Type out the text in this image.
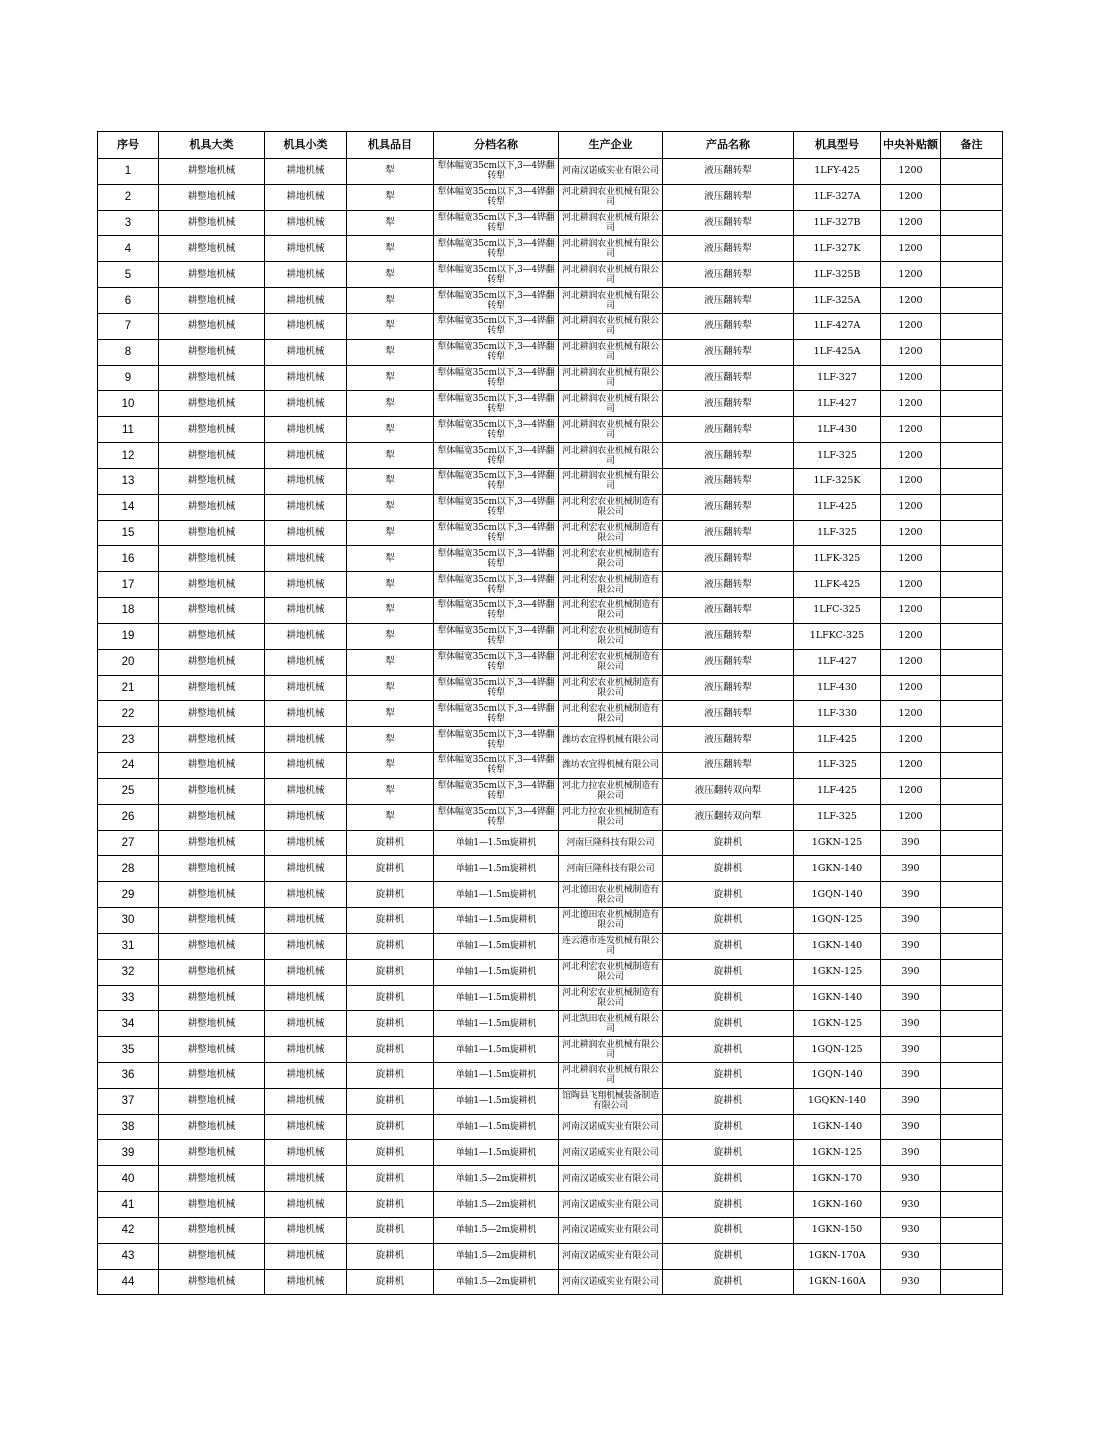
序号	机具大类	机具小类	机具品目	分档名称	生产企业	产品名称	机具型号	中央补贴额	备注
1	耕整地机械	耕地机械	犁	犁体幅宽35cm以下,3—4铧翻转犁	河南汉诺威实业有限公司	液压翻转犁	1LFY-425	1200	
2	耕整地机械	耕地机械	犁	犁体幅宽35cm以下,3—4铧翻转犁	河北耕润农业机械有限公司	液压翻转犁	1LF-327A	1200	
3	耕整地机械	耕地机械	犁	犁体幅宽35cm以下,3—4铧翻转犁	河北耕润农业机械有限公司	液压翻转犁	1LF-327B	1200	
4	耕整地机械	耕地机械	犁	犁体幅宽35cm以下,3—4铧翻转犁	河北耕润农业机械有限公司	液压翻转犁	1LF-327K	1200	
5	耕整地机械	耕地机械	犁	犁体幅宽35cm以下,3—4铧翻转犁	河北耕润农业机械有限公司	液压翻转犁	1LF-325B	1200	
6	耕整地机械	耕地机械	犁	犁体幅宽35cm以下,3—4铧翻转犁	河北耕润农业机械有限公司	液压翻转犁	1LF-325A	1200	
7	耕整地机械	耕地机械	犁	犁体幅宽35cm以下,3—4铧翻转犁	河北耕润农业机械有限公司	液压翻转犁	1LF-427A	1200	
8	耕整地机械	耕地机械	犁	犁体幅宽35cm以下,3—4铧翻转犁	河北耕润农业机械有限公司	液压翻转犁	1LF-425A	1200	
9	耕整地机械	耕地机械	犁	犁体幅宽35cm以下,3—4铧翻转犁	河北耕润农业机械有限公司	液压翻转犁	1LF-327	1200	
10	耕整地机械	耕地机械	犁	犁体幅宽35cm以下,3—4铧翻转犁	河北耕润农业机械有限公司	液压翻转犁	1LF-427	1200	
11	耕整地机械	耕地机械	犁	犁体幅宽35cm以下,3—4铧翻转犁	河北耕润农业机械有限公司	液压翻转犁	1LF-430	1200	
12	耕整地机械	耕地机械	犁	犁体幅宽35cm以下,3—4铧翻转犁	河北耕润农业机械有限公司	液压翻转犁	1LF-325	1200	
13	耕整地机械	耕地机械	犁	犁体幅宽35cm以下,3—4铧翻转犁	河北耕润农业机械有限公司	液压翻转犁	1LF-325K	1200	
14	耕整地机械	耕地机械	犁	犁体幅宽35cm以下,3—4铧翻转犁	河北利宏农业机械制造有限公司	液压翻转犁	1LF-425	1200	
15	耕整地机械	耕地机械	犁	犁体幅宽35cm以下,3—4铧翻转犁	河北利宏农业机械制造有限公司	液压翻转犁	1LF-325	1200	
16	耕整地机械	耕地机械	犁	犁体幅宽35cm以下,3—4铧翻转犁	河北利宏农业机械制造有限公司	液压翻转犁	1LFK-325	1200	
17	耕整地机械	耕地机械	犁	犁体幅宽35cm以下,3—4铧翻转犁	河北利宏农业机械制造有限公司	液压翻转犁	1LFK-425	1200	
18	耕整地机械	耕地机械	犁	犁体幅宽35cm以下,3—4铧翻转犁	河北利宏农业机械制造有限公司	液压翻转犁	1LFC-325	1200	
19	耕整地机械	耕地机械	犁	犁体幅宽35cm以下,3—4铧翻转犁	河北利宏农业机械制造有限公司	液压翻转犁	1LFKC-325	1200	
20	耕整地机械	耕地机械	犁	犁体幅宽35cm以下,3—4铧翻转犁	河北利宏农业机械制造有限公司	液压翻转犁	1LF-427	1200	
21	耕整地机械	耕地机械	犁	犁体幅宽35cm以下,3—4铧翻转犁	河北利宏农业机械制造有限公司	液压翻转犁	1LF-430	1200	
22	耕整地机械	耕地机械	犁	犁体幅宽35cm以下,3—4铧翻转犁	河北利宏农业机械制造有限公司	液压翻转犁	1LF-330	1200	
23	耕整地机械	耕地机械	犁	犁体幅宽35cm以下,3—4铧翻转犁	潍坊农宜得机械有限公司	液压翻转犁	1LF-425	1200	
24	耕整地机械	耕地机械	犁	犁体幅宽35cm以下,3—4铧翻转犁	潍坊农宜得机械有限公司	液压翻转犁	1LF-325	1200	
25	耕整地机械	耕地机械	犁	犁体幅宽35cm以下,3—4铧翻转犁	河北力拉农业机械制造有限公司	液压翻转双向犁	1LF-425	1200	
26	耕整地机械	耕地机械	犁	犁体幅宽35cm以下,3—4铧翻转犁	河北力拉农业机械制造有限公司	液压翻转双向犁	1LF-325	1200	
27	耕整地机械	耕地机械	旋耕机	单轴1—1.5m旋耕机	河南巨隆科技有限公司	旋耕机	1GKN-125	390	
28	耕整地机械	耕地机械	旋耕机	单轴1—1.5m旋耕机	河南巨隆科技有限公司	旋耕机	1GKN-140	390	
29	耕整地机械	耕地机械	旋耕机	单轴1—1.5m旋耕机	河北德田农业机械制造有限公司	旋耕机	1GQN-140	390	
30	耕整地机械	耕地机械	旋耕机	单轴1—1.5m旋耕机	河北德田农业机械制造有限公司	旋耕机	1GQN-125	390	
31	耕整地机械	耕地机械	旋耕机	单轴1—1.5m旋耕机	连云港市连发机械有限公司	旋耕机	1GKN-140	390	
32	耕整地机械	耕地机械	旋耕机	单轴1—1.5m旋耕机	河北利宏农业机械制造有限公司	旋耕机	1GKN-125	390	
33	耕整地机械	耕地机械	旋耕机	单轴1—1.5m旋耕机	河北利宏农业机械制造有限公司	旋耕机	1GKN-140	390	
34	耕整地机械	耕地机械	旋耕机	单轴1—1.5m旋耕机	河北凯田农业机械有限公司	旋耕机	1GKN-125	390	
35	耕整地机械	耕地机械	旋耕机	单轴1—1.5m旋耕机	河北耕润农业机械有限公司	旋耕机	1GQN-125	390	
36	耕整地机械	耕地机械	旋耕机	单轴1—1.5m旋耕机	河北耕润农业机械有限公司	旋耕机	1GQN-140	390	
37	耕整地机械	耕地机械	旋耕机	单轴1—1.5m旋耕机	馆陶县飞翔机械装备制造有限公司	旋耕机	1GQKN-140	390	
38	耕整地机械	耕地机械	旋耕机	单轴1—1.5m旋耕机	河南汉诺威实业有限公司	旋耕机	1GKN-140	390	
39	耕整地机械	耕地机械	旋耕机	单轴1—1.5m旋耕机	河南汉诺威实业有限公司	旋耕机	1GKN-125	390	
40	耕整地机械	耕地机械	旋耕机	单轴1.5—2m旋耕机	河南汉诺威实业有限公司	旋耕机	1GKN-170	930	
41	耕整地机械	耕地机械	旋耕机	单轴1.5—2m旋耕机	河南汉诺威实业有限公司	旋耕机	1GKN-160	930	
42	耕整地机械	耕地机械	旋耕机	单轴1.5—2m旋耕机	河南汉诺威实业有限公司	旋耕机	1GKN-150	930	
43	耕整地机械	耕地机械	旋耕机	单轴1.5—2m旋耕机	河南汉诺威实业有限公司	旋耕机	1GKN-170A	930	
44	耕整地机械	耕地机械	旋耕机	单轴1.5—2m旋耕机	河南汉诺威实业有限公司	旋耕机	1GKN-160A	930	
